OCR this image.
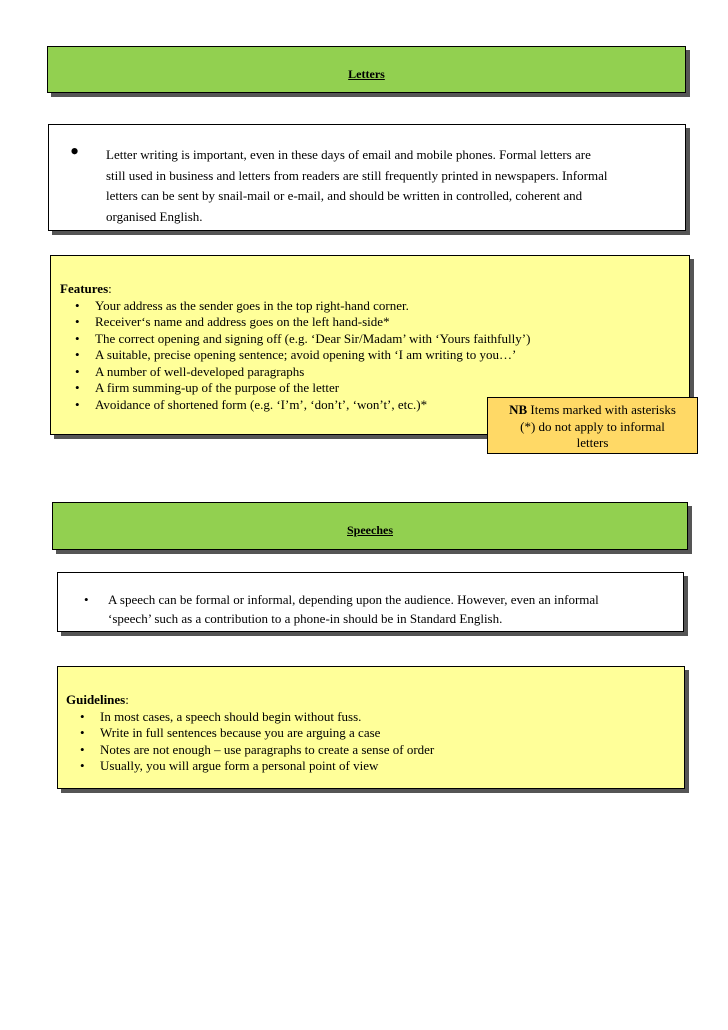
Letters
• Letter writing is important, even in these days of email and mobile phones. Formal letters are
still used in business and letters from readers are still frequently printed in newspapers. Informal
letters can be sent by snail-mail or e-mail, and should be written in controlled, coherent and
organised English.
Features:
• Your address as the sender goes in the top right-hand corner.
• Receiver‘s name and address goes on the left hand-side*
• The correct opening and signing off (e.g. ‘Dear Sir/Madam’ with ‘Yours faithfully’)
• A suitable, precise opening sentence; avoid opening with ‘I am writing to you…’
• A number of well-developed paragraphs
• A firm summing-up of the purpose of the letter
• Avoidance of shortened form (e.g. ‘I’m’, ‘don’t’, ‘won’t’, etc.)*	NB Items marked with asterisks
(*) do not apply to informal
letters
Speeches
• A speech can be formal or informal, depending upon the audience. However, even an informal
‘speech’ such as a contribution to a phone-in should be in Standard English.
Guidelines:
• In most cases, a speech should begin without fuss.
• Write in full sentences because you are arguing a case
• Notes are not enough – use paragraphs to create a sense of order
• Usually, you will argue form a personal point of view
